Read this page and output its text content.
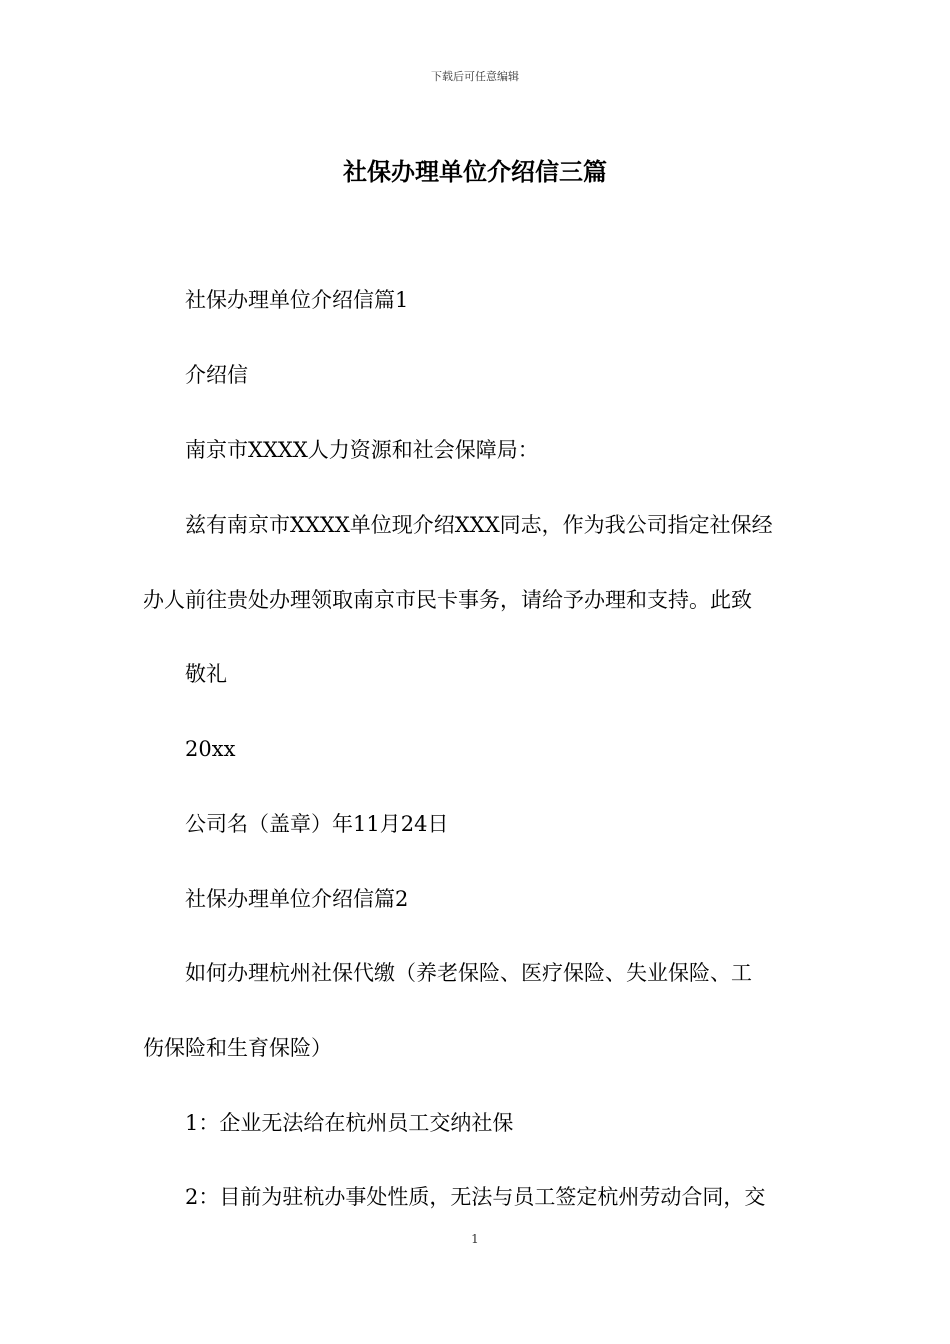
下载后可任意编辑
社保办理单位介绍信三篇
　　社保办理单位介绍信篇1
　　介绍信
　　南京市XXXX人力资源和社会保障局：
　　兹有南京市XXXX单位现介绍XXX同志，作为我公司指定社保经
办人前往贵处办理领取南京市民卡事务，请给予办理和支持。此致
　　敬礼
　　20xx
　　公司名（盖章）年11月24日
　　社保办理单位介绍信篇2
　　如何办理杭州社保代缴（养老保险、医疗保险、失业保险、工
伤保险和生育保险）
　　1：企业无法给在杭州员工交纳社保
　　2：目前为驻杭办事处性质，无法与员工签定杭州劳动合同，交
1
